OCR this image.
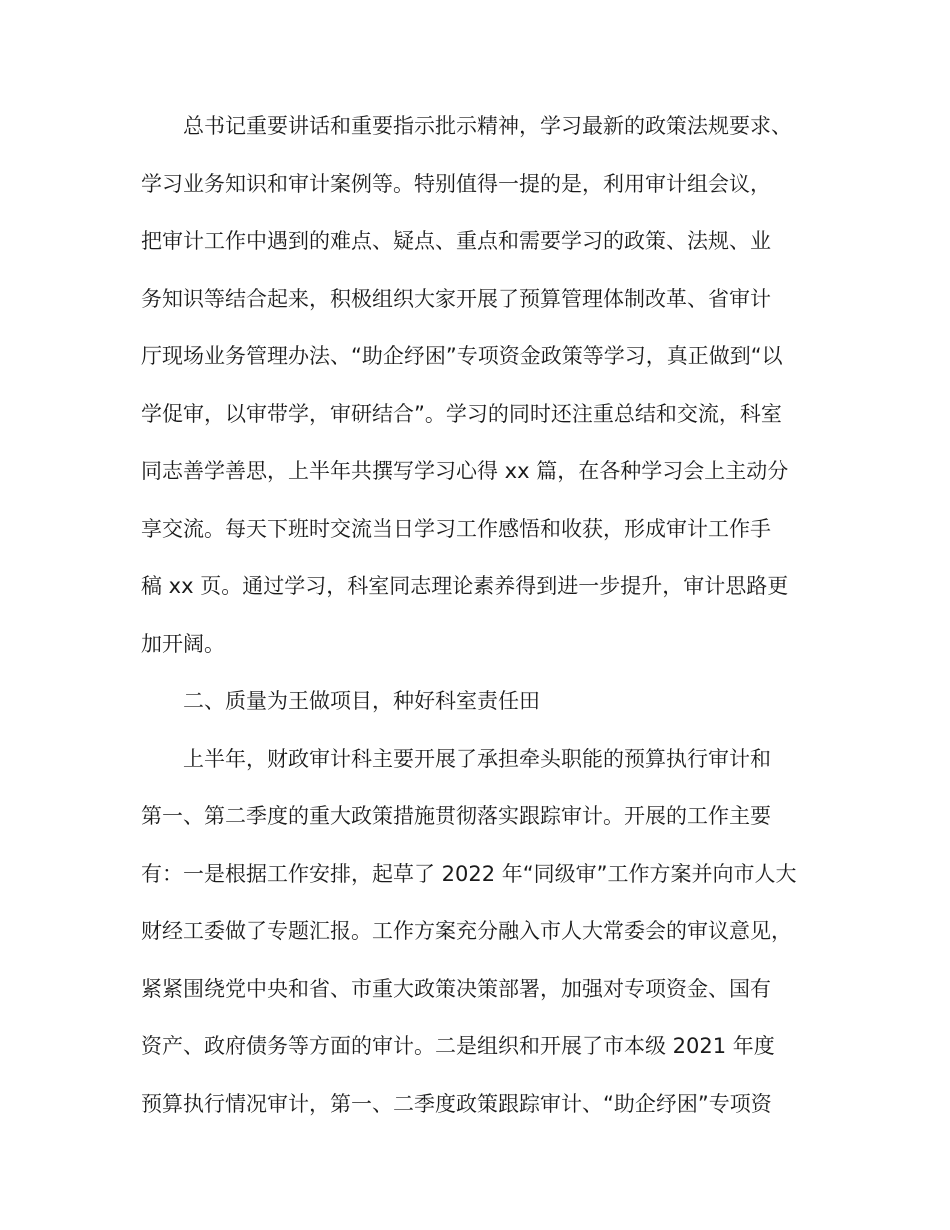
总书记重要讲话和重要指示批示精神，学习最新的政策法规要求、
学习业务知识和审计案例等。特别值得一提的是，利用审计组会议，
把审计工作中遇到的难点、疑点、重点和需要学习的政策、法规、业
务知识等结合起来，积极组织大家开展了预算管理体制改革、省审计
厅现场业务管理办法、“助企纾困”专项资金政策等学习，真正做到“以
学促审，以审带学，审研结合”。学习的同时还注重总结和交流，科室
同志善学善思，上半年共撰写学习心得 xx 篇，在各种学习会上主动分
享交流。每天下班时交流当日学习工作感悟和收获，形成审计工作手
稿 xx 页。通过学习，科室同志理论素养得到进一步提升，审计思路更
加开阔。
二、质量为王做项目，种好科室责任田
上半年，财政审计科主要开展了承担牵头职能的预算执行审计和
第一、第二季度的重大政策措施贯彻落实跟踪审计。开展的工作主要
有：一是根据工作安排，起草了 2022 年“同级审”工作方案并向市人大
财经工委做了专题汇报。工作方案充分融入市人大常委会的审议意见，
紧紧围绕党中央和省、市重大政策决策部署，加强对专项资金、国有
资产、政府债务等方面的审计。二是组织和开展了市本级 2021 年度
预算执行情况审计，第一、二季度政策跟踪审计、“助企纾困”专项资
